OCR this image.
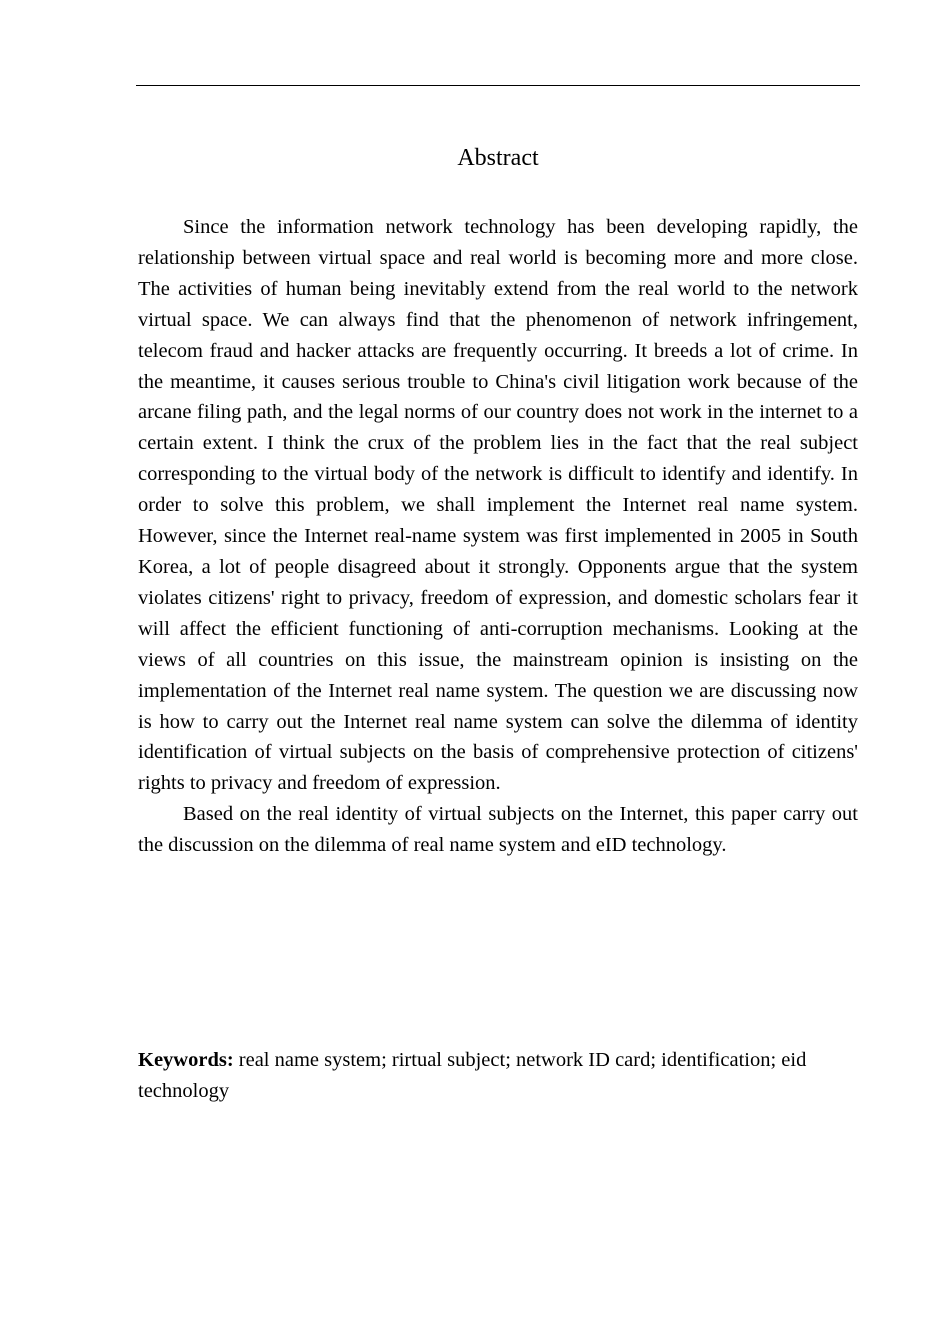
Abstract

Since the information network technology has been developing rapidly, the relationship between virtual space and real world is becoming more and more close. The activities of human being inevitably extend from the real world to the network virtual space. We can always find that the phenomenon of network infringement, telecom fraud and hacker attacks are frequently occurring. It breeds a lot of crime. In the meantime, it causes serious trouble to China's civil litigation work because of the arcane filing path, and the legal norms of our country does not work in the internet to a certain extent. I think the crux of the problem lies in the fact that the real subject corresponding to the virtual body of the network is difficult to identify and identify. In order to solve this problem, we shall implement the Internet real name system. However, since the Internet real-name system was first implemented in 2005 in South Korea, a lot of people disagreed about it strongly. Opponents argue that the system violates citizens' right to privacy, freedom of expression, and domestic scholars fear it will affect the efficient functioning of anti-corruption mechanisms. Looking at the views of all countries on this issue, the mainstream opinion is insisting on the implementation of the Internet real name system. The question we are discussing now is how to carry out the Internet real name system can solve the dilemma of identity identification of virtual subjects on the basis of comprehensive protection of citizens' rights to privacy and freedom of expression.

Based on the real identity of virtual subjects on the Internet, this paper carry out the discussion on the dilemma of real name system and eID technology.

Keywords: real name system; rirtual subject; network ID card; identification; eid technology
